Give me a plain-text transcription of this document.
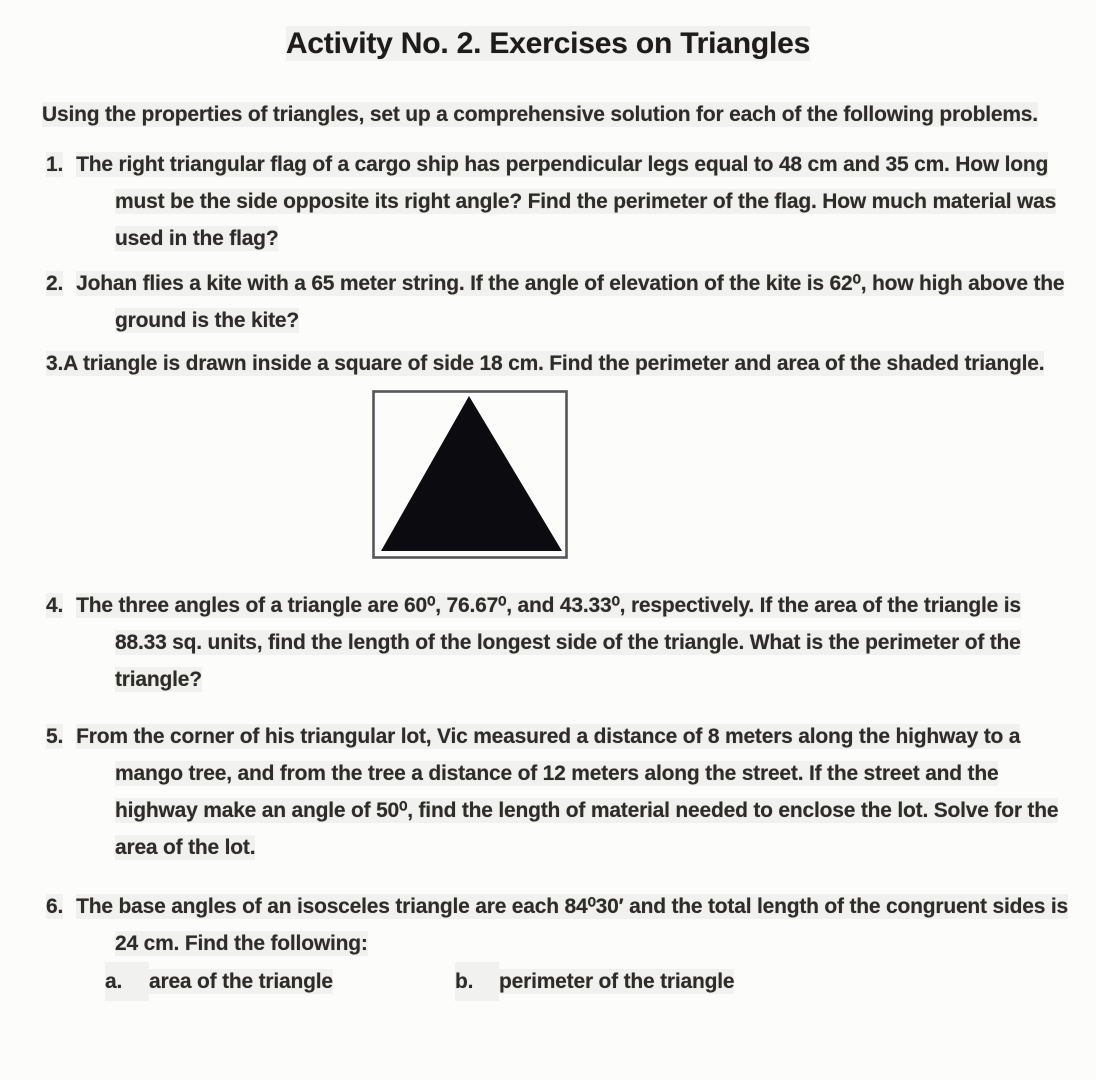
Activity No. 2. Exercises on Triangles

Using the properties of triangles, set up a comprehensive solution for each of the following problems.

1. The right triangular flag of a cargo ship has perpendicular legs equal to 48 cm and 35 cm. How long must be the side opposite its right angle? Find the perimeter of the flag. How much material was used in the flag?
2. Johan flies a kite with a 65 meter string. If the angle of elevation of the kite is 62⁰, how high above the ground is the kite?
3.A triangle is drawn inside a square of side 18 cm. Find the perimeter and area of the shaded triangle.
4. The three angles of a triangle are 60⁰, 76.67⁰, and 43.33⁰, respectively. If the area of the triangle is 88.33 sq. units, find the length of the longest side of the triangle. What is the perimeter of the triangle?
5. From the corner of his triangular lot, Vic measured a distance of 8 meters along the highway to a mango tree, and from the tree a distance of 12 meters along the street. If the street and the highway make an angle of 50⁰, find the length of material needed to enclose the lot. Solve for the area of the lot.
6. The base angles of an isosceles triangle are each 84⁰30′ and the total length of the congruent sides is 24 cm. Find the following:
a. area of the triangle	b. perimeter of the triangle
